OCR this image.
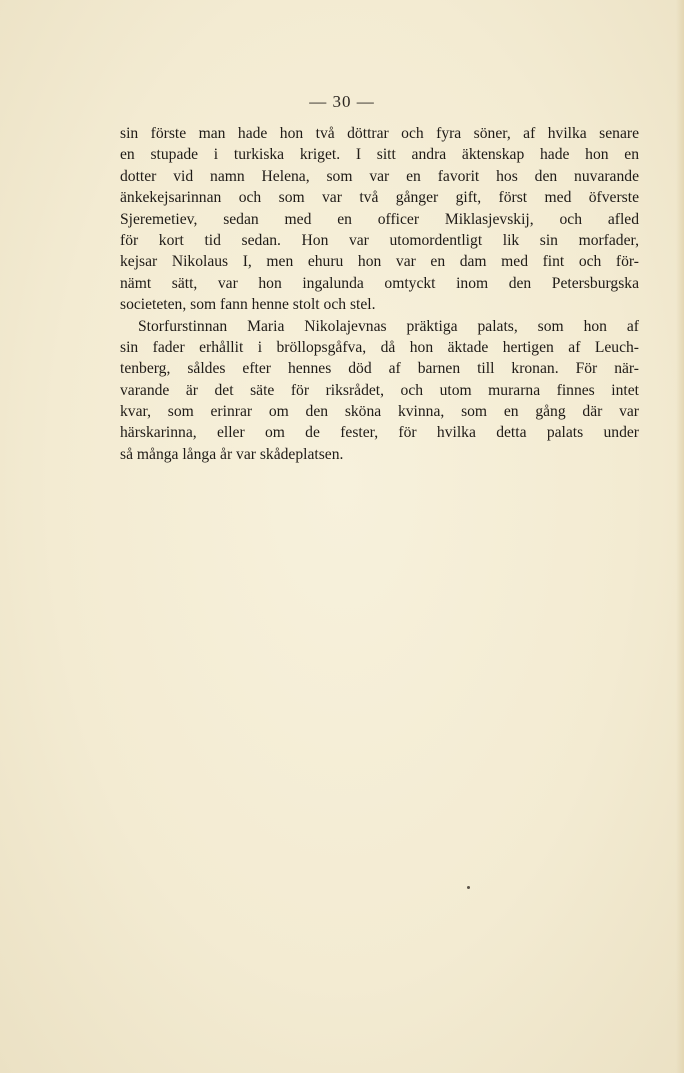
— 30 —
sin förste man hade hon två döttrar och fyra söner, af hvilka senare
en stupade i turkiska kriget. I sitt andra äktenskap hade hon en
dotter vid namn Helena, som var en favorit hos den nuvarande
änkekejsarinnan och som var två gånger gift, först med öfverste
Sjeremetiev, sedan med en officer Miklasjevskij, och afled
för kort tid sedan. Hon var utomordentligt lik sin morfader,
kejsar Nikolaus I, men ehuru hon var en dam med fint och för-
nämt sätt, var hon ingalunda omtyckt inom den Petersburgska
societeten, som fann henne stolt och stel.
Storfurstinnan Maria Nikolajevnas präktiga palats, som hon af
sin fader erhållit i bröllopsgåfva, då hon äktade hertigen af Leuch-
tenberg, såldes efter hennes död af barnen till kronan. För när-
varande är det säte för riksrådet, och utom murarna finnes intet
kvar, som erinrar om den sköna kvinna, som en gång där var
härskarinna, eller om de fester, för hvilka detta palats under
så många långa år var skådeplatsen.
